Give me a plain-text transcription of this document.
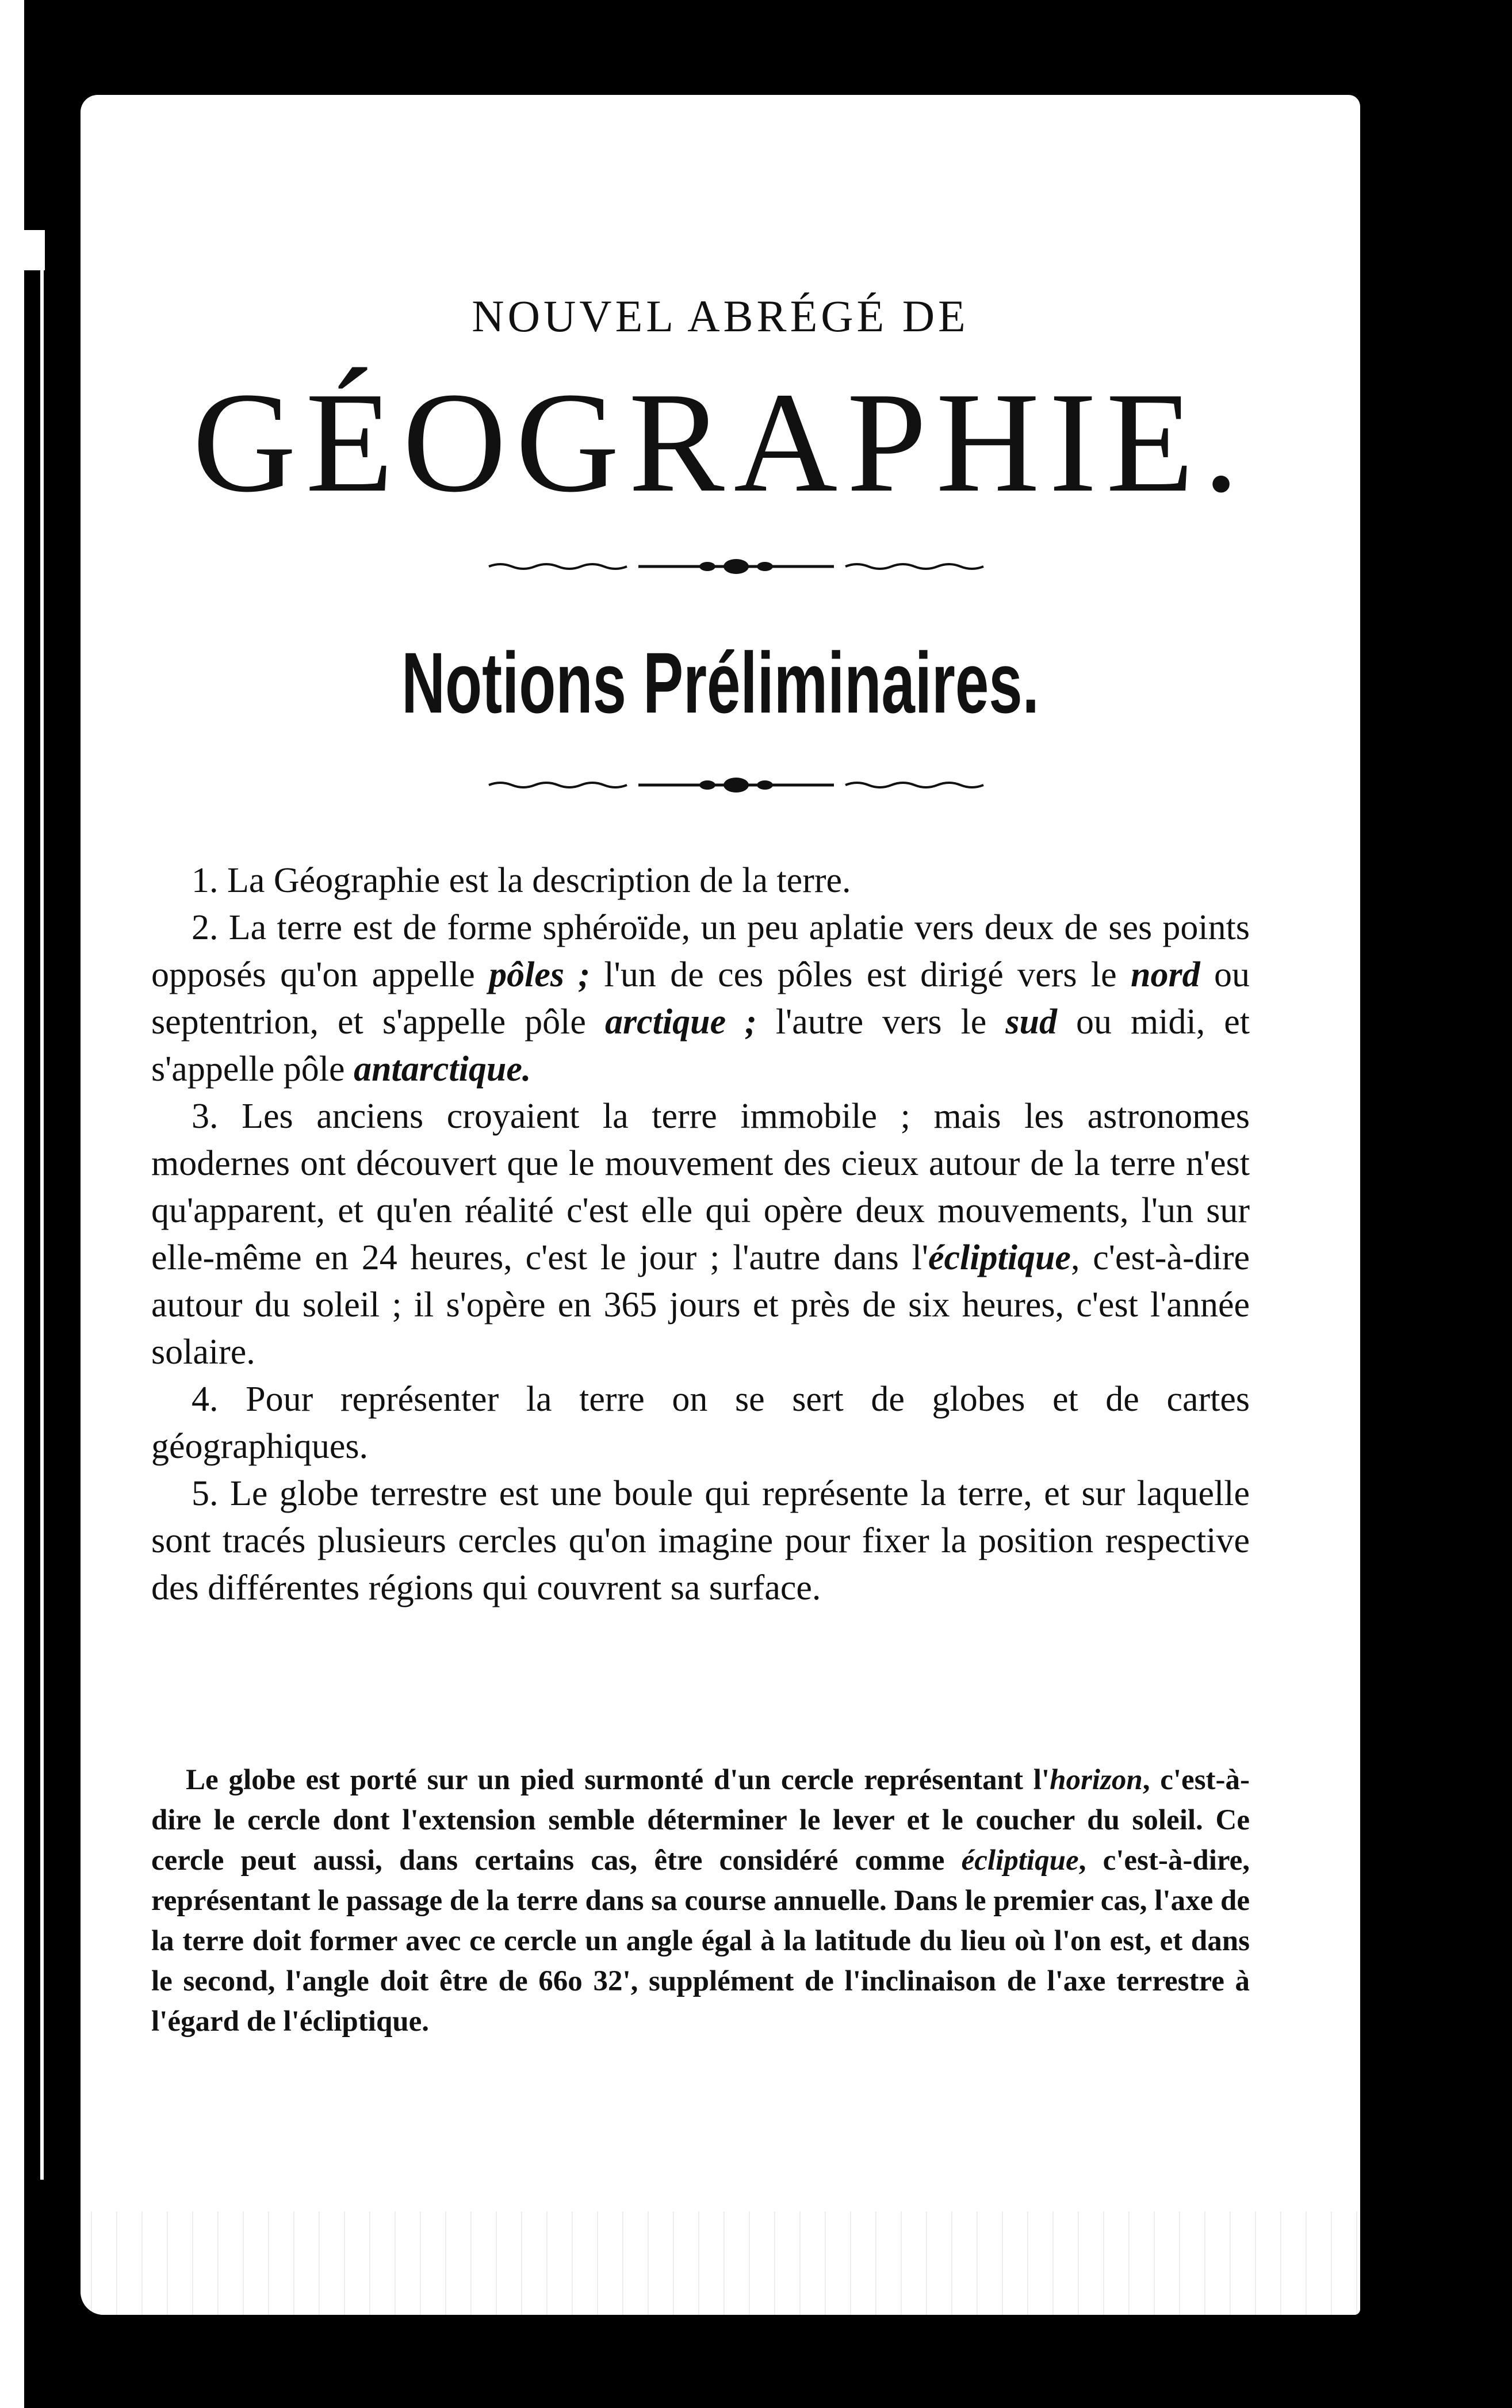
NOUVEL ABRÉGÉ DE
GÉOGRAPHIE.
Notions Préliminaires.

1. La Géographie est la description de la terre.

2. La terre est de forme sphéroïde, un peu aplatie vers deux de ses points opposés qu'on appelle pôles ; l'un de ces pôles est dirigé vers le nord ou septentrion, et s'appelle pôle arctique ; l'autre vers le sud ou midi, et s'appelle pôle antarctique.

3. Les anciens croyaient la terre immobile ; mais les astronomes modernes ont découvert que le mouvement des cieux autour de la terre n'est qu'apparent, et qu'en réalité c'est elle qui opère deux mouvements, l'un sur elle-même en 24 heures, c'est le jour ; l'autre dans l'écliptique, c'est-à-dire autour du soleil ; il s'opère en 365 jours et près de six heures, c'est l'année solaire.

4. Pour représenter la terre on se sert de globes et de cartes géographiques.

5. Le globe terrestre est une boule qui représente la terre, et sur laquelle sont tracés plusieurs cercles qu'on imagine pour fixer la position respective des différentes régions qui couvrent sa surface.

Le globe est porté sur un pied surmonté d'un cercle représentant l'horizon, c'est-à-dire le cercle dont l'extension semble déterminer le lever et le coucher du soleil. Ce cercle peut aussi, dans certains cas, être considéré comme écliptique, c'est-à-dire, représentant le passage de la terre dans sa course annuelle. Dans le premier cas, l'axe de la terre doit former avec ce cercle un angle égal à la latitude du lieu où l'on est, et dans le second, l'angle doit être de 66o 32', supplément de l'inclinaison de l'axe terrestre à l'égard de l'écliptique.
